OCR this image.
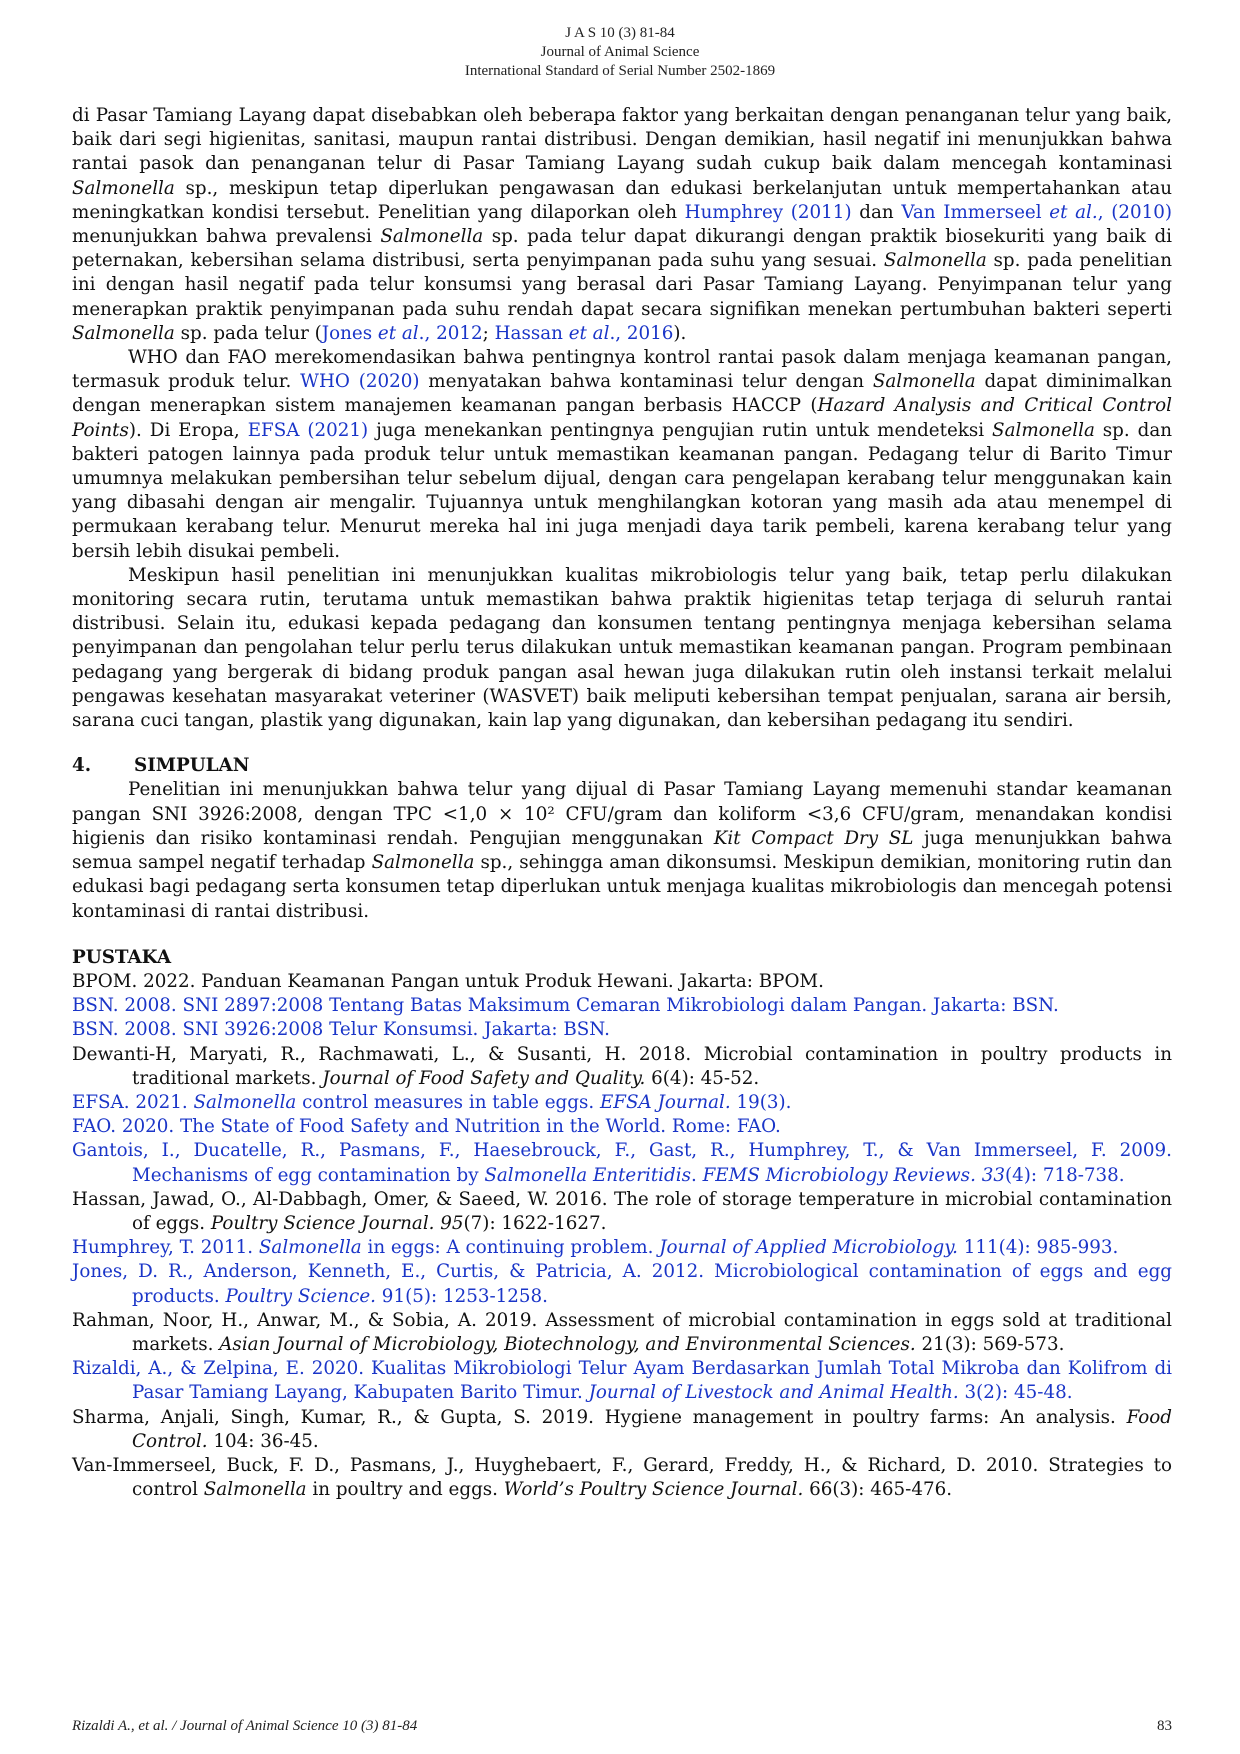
J A S 10 (3) 81-84
Journal of Animal Science
International Standard of Serial Number 2502-1869

di Pasar Tamiang Layang dapat disebabkan oleh beberapa faktor yang berkaitan dengan penanganan telur yang baik, baik dari segi higienitas, sanitasi, maupun rantai distribusi. Dengan demikian, hasil negatif ini menunjukkan bahwa rantai pasok dan penanganan telur di Pasar Tamiang Layang sudah cukup baik dalam mencegah kontaminasi Salmonella sp., meskipun tetap diperlukan pengawasan dan edukasi berkelanjutan untuk mempertahankan atau meningkatkan kondisi tersebut. Penelitian yang dilaporkan oleh Humphrey (2011) dan Van Immerseel et al., (2010) menunjukkan bahwa prevalensi Salmonella sp. pada telur dapat dikurangi dengan praktik biosekuriti yang baik di peternakan, kebersihan selama distribusi, serta penyimpanan pada suhu yang sesuai. Salmonella sp. pada penelitian ini dengan hasil negatif pada telur konsumsi yang berasal dari Pasar Tamiang Layang. Penyimpanan telur yang menerapkan praktik penyimpanan pada suhu rendah dapat secara signifikan menekan pertumbuhan bakteri seperti Salmonella sp. pada telur (Jones et al., 2012; Hassan et al., 2016).

WHO dan FAO merekomendasikan bahwa pentingnya kontrol rantai pasok dalam menjaga keamanan pangan, termasuk produk telur. WHO (2020) menyatakan bahwa kontaminasi telur dengan Salmonella dapat diminimalkan dengan menerapkan sistem manajemen keamanan pangan berbasis HACCP (Hazard Analysis and Critical Control Points). Di Eropa, EFSA (2021) juga menekankan pentingnya pengujian rutin untuk mendeteksi Salmonella sp. dan bakteri patogen lainnya pada produk telur untuk memastikan keamanan pangan. Pedagang telur di Barito Timur umumnya melakukan pembersihan telur sebelum dijual, dengan cara pengelapan kerabang telur menggunakan kain yang dibasahi dengan air mengalir. Tujuannya untuk menghilangkan kotoran yang masih ada atau menempel di permukaan kerabang telur. Menurut mereka hal ini juga menjadi daya tarik pembeli, karena kerabang telur yang bersih lebih disukai pembeli.

Meskipun hasil penelitian ini menunjukkan kualitas mikrobiologis telur yang baik, tetap perlu dilakukan monitoring secara rutin, terutama untuk memastikan bahwa praktik higienitas tetap terjaga di seluruh rantai distribusi. Selain itu, edukasi kepada pedagang dan konsumen tentang pentingnya menjaga kebersihan selama penyimpanan dan pengolahan telur perlu terus dilakukan untuk memastikan keamanan pangan. Program pembinaan pedagang yang bergerak di bidang produk pangan asal hewan juga dilakukan rutin oleh instansi terkait melalui pengawas kesehatan masyarakat veteriner (WASVET) baik meliputi kebersihan tempat penjualan, sarana air bersih, sarana cuci tangan, plastik yang digunakan, kain lap yang digunakan, dan kebersihan pedagang itu sendiri.

4.	SIMPULAN

Penelitian ini menunjukkan bahwa telur yang dijual di Pasar Tamiang Layang memenuhi standar keamanan pangan SNI 3926:2008, dengan TPC <1,0 × 10² CFU/gram dan koliform <3,6 CFU/gram, menandakan kondisi higienis dan risiko kontaminasi rendah. Pengujian menggunakan Kit Compact Dry SL juga menunjukkan bahwa semua sampel negatif terhadap Salmonella sp., sehingga aman dikonsumsi. Meskipun demikian, monitoring rutin dan edukasi bagi pedagang serta konsumen tetap diperlukan untuk menjaga kualitas mikrobiologis dan mencegah potensi kontaminasi di rantai distribusi.

PUSTAKA

BPOM. 2022. Panduan Keamanan Pangan untuk Produk Hewani. Jakarta: BPOM.

BSN. 2008. SNI 2897:2008 Tentang Batas Maksimum Cemaran Mikrobiologi dalam Pangan. Jakarta: BSN.

BSN. 2008. SNI 3926:2008 Telur Konsumsi. Jakarta: BSN.

Dewanti-H, Maryati, R., Rachmawati, L., & Susanti, H. 2018. Microbial contamination in poultry products in traditional markets. Journal of Food Safety and Quality. 6(4): 45-52.

EFSA. 2021. Salmonella control measures in table eggs. EFSA Journal. 19(3).

FAO. 2020. The State of Food Safety and Nutrition in the World. Rome: FAO.

Gantois, I., Ducatelle, R., Pasmans, F., Haesebrouck, F., Gast, R., Humphrey, T., & Van Immerseel, F. 2009. Mechanisms of egg contamination by Salmonella Enteritidis. FEMS Microbiology Reviews. 33(4): 718-738.

Hassan, Jawad, O., Al-Dabbagh, Omer, & Saeed, W. 2016. The role of storage temperature in microbial contamination of eggs. Poultry Science Journal. 95(7): 1622-1627.

Humphrey, T. 2011. Salmonella in eggs: A continuing problem. Journal of Applied Microbiology. 111(4): 985-993.

Jones, D. R., Anderson, Kenneth, E., Curtis, & Patricia, A. 2012. Microbiological contamination of eggs and egg products. Poultry Science. 91(5): 1253-1258.

Rahman, Noor, H., Anwar, M., & Sobia, A. 2019. Assessment of microbial contamination in eggs sold at traditional markets. Asian Journal of Microbiology, Biotechnology, and Environmental Sciences. 21(3): 569-573.

Rizaldi, A., & Zelpina, E. 2020. Kualitas Mikrobiologi Telur Ayam Berdasarkan Jumlah Total Mikroba dan Kolifrom di Pasar Tamiang Layang, Kabupaten Barito Timur. Journal of Livestock and Animal Health. 3(2): 45-48.

Sharma, Anjali, Singh, Kumar, R., & Gupta, S. 2019. Hygiene management in poultry farms: An analysis. Food Control. 104: 36-45.

Van-Immerseel, Buck, F. D., Pasmans, J., Huyghebaert, F., Gerard, Freddy, H., & Richard, D. 2010. Strategies to control Salmonella in poultry and eggs. World’s Poultry Science Journal. 66(3): 465-476.

Rizaldi A., et al. / Journal of Animal Science 10 (3) 81-84	83
